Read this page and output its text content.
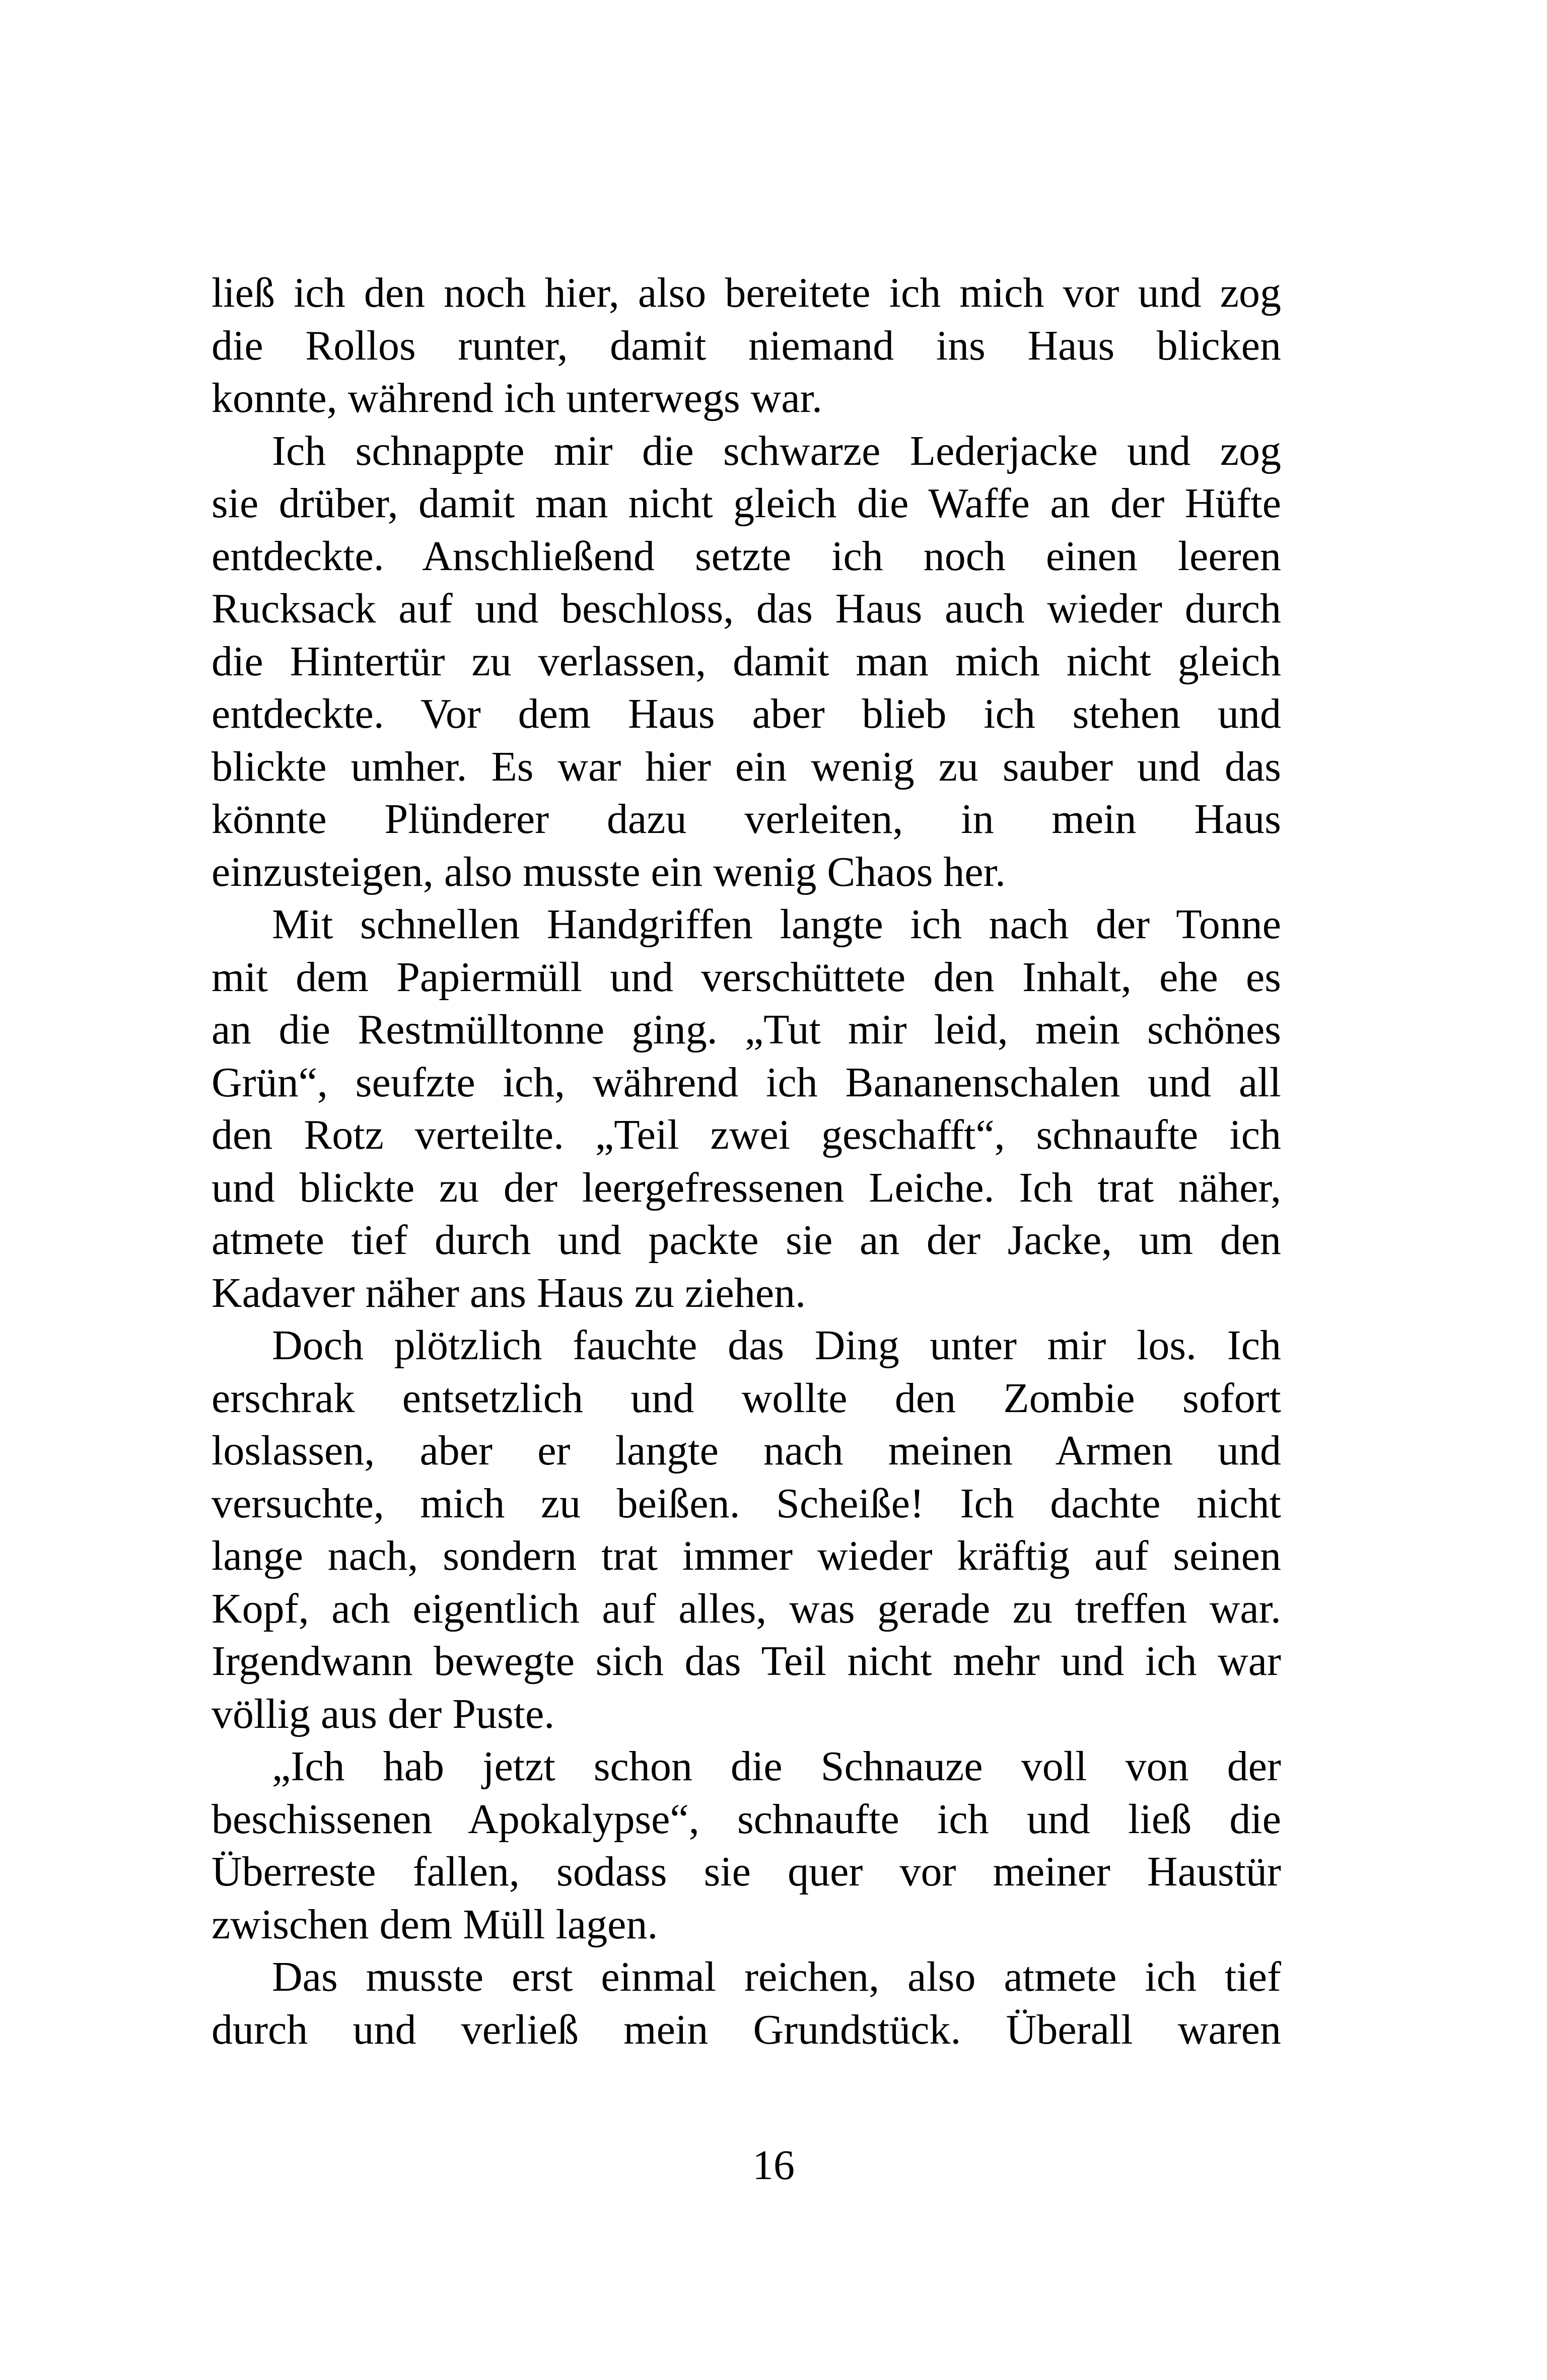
ließ ich den noch hier, also bereitete ich mich vor und zog
die Rollos runter, damit niemand ins Haus blicken
konnte, während ich unterwegs war.
Ich schnappte mir die schwarze Lederjacke und zog
sie drüber, damit man nicht gleich die Waffe an der Hüfte
entdeckte. Anschließend setzte ich noch einen leeren
Rucksack auf und beschloss, das Haus auch wieder durch
die Hintertür zu verlassen, damit man mich nicht gleich
entdeckte. Vor dem Haus aber blieb ich stehen und
blickte umher. Es war hier ein wenig zu sauber und das
könnte Plünderer dazu verleiten, in mein Haus
einzusteigen, also musste ein wenig Chaos her.
Mit schnellen Handgriffen langte ich nach der Tonne
mit dem Papiermüll und verschüttete den Inhalt, ehe es
an die Restmülltonne ging. „Tut mir leid, mein schönes
Grün“, seufzte ich, während ich Bananenschalen und all
den Rotz verteilte. „Teil zwei geschafft“, schnaufte ich
und blickte zu der leergefressenen Leiche. Ich trat näher,
atmete tief durch und packte sie an der Jacke, um den
Kadaver näher ans Haus zu ziehen.
Doch plötzlich fauchte das Ding unter mir los. Ich
erschrak entsetzlich und wollte den Zombie sofort
loslassen, aber er langte nach meinen Armen und
versuchte, mich zu beißen. Scheiße! Ich dachte nicht
lange nach, sondern trat immer wieder kräftig auf seinen
Kopf, ach eigentlich auf alles, was gerade zu treffen war.
Irgendwann bewegte sich das Teil nicht mehr und ich war
völlig aus der Puste.
„Ich hab jetzt schon die Schnauze voll von der
beschissenen Apokalypse“, schnaufte ich und ließ die
Überreste fallen, sodass sie quer vor meiner Haustür
zwischen dem Müll lagen.
Das musste erst einmal reichen, also atmete ich tief
durch und verließ mein Grundstück. Überall waren
16
